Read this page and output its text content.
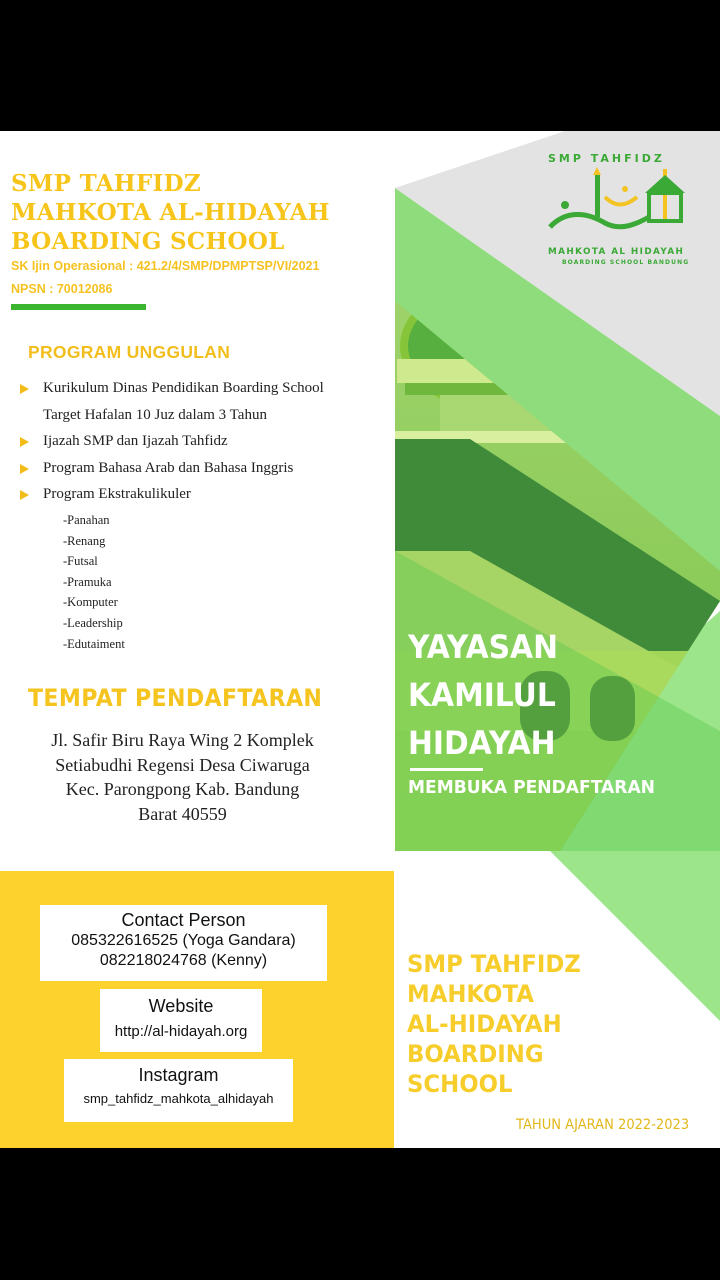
SMP TAHFIDZ
MAHKOTA AL HIDAYAH
BOARDING SCHOOL BANDUNG
SMP TAHFIDZ
MAHKOTA AL-HIDAYAH
BOARDING SCHOOL
SK Ijin Operasional : 421.2/4/SMP/DPMPTSP/VI/2021
NPSN : 70012086
PROGRAM UNGGULAN
Kurikulum Dinas Pendidikan Boarding School
Target Hafalan 10 Juz dalam 3 Tahun
Ijazah SMP dan Ijazah Tahfidz
Program Bahasa Arab dan Bahasa Inggris
Program Ekstrakulikuler
-Panahan
-Renang
-Futsal
-Pramuka
-Komputer
-Leadership
-Edutaiment
TEMPAT PENDAFTARAN
Jl. Safir Biru Raya Wing 2 Komplek
Setiabudhi Regensi Desa Ciwaruga
Kec. Parongpong Kab. Bandung
Barat 40559
Contact Person
085322616525 (Yoga Gandara)
082218024768 (Kenny)
Website
http://al-hidayah.org
Instagram
smp_tahfidz_mahkota_alhidayah
YAYASAN
KAMILUL
HIDAYAH
MEMBUKA PENDAFTARAN
SMP TAHFIDZ
MAHKOTA
AL-HIDAYAH
BOARDING
SCHOOL
TAHUN AJARAN 2022-2023
